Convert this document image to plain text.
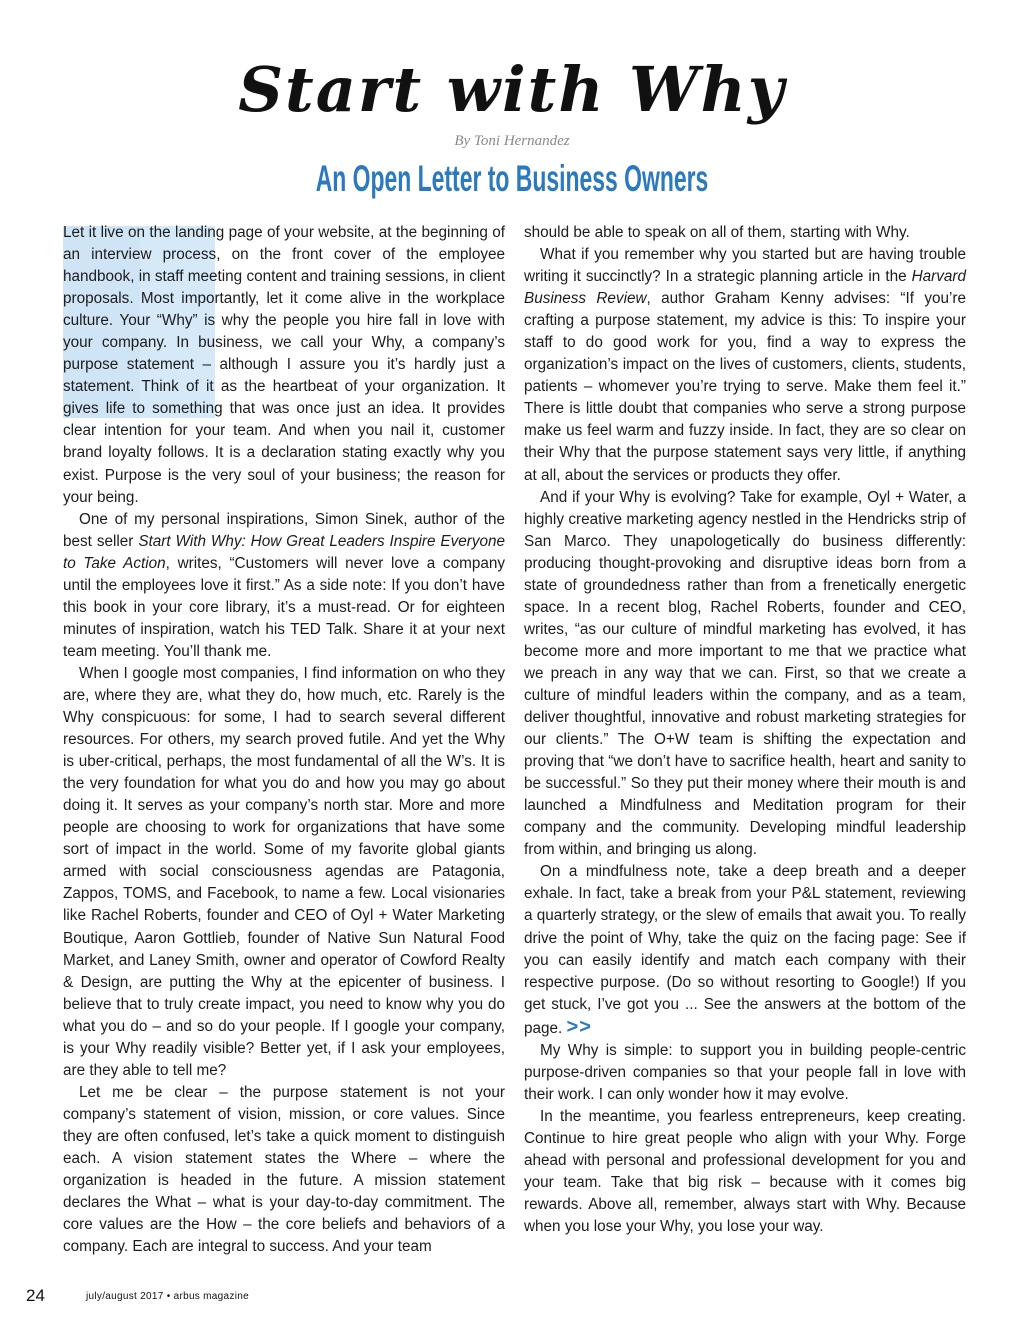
Start with Why
By Toni Hernandez
An Open Letter to Business Owners

Let it live on the landing page of your website, at the beginning of an interview process, on the front cover of the employee handbook, in staff meeting content and training sessions, in client proposals. Most importantly, let it come alive in the workplace culture. Your “Why” is why the people you hire fall in love with your company. In business, we call your Why, a company’s purpose statement – although I assure you it’s hardly just a statement. Think of it as the heartbeat of your organization. It gives life to something that was once just an idea. It provides clear intention for your team. And when you nail it, customer brand loyalty follows. It is a declaration stating exactly why you exist. Purpose is the very soul of your business; the reason for your being.

One of my personal inspirations, Simon Sinek, author of the best seller Start With Why: How Great Leaders Inspire Everyone to Take Action, writes, “Customers will never love a company until the employees love it first.” As a side note: If you don’t have this book in your core library, it’s a must-read. Or for eighteen minutes of inspiration, watch his TED Talk. Share it at your next team meeting. You’ll thank me.

When I google most companies, I find information on who they are, where they are, what they do, how much, etc. Rarely is the Why conspicuous: for some, I had to search several different resources. For others, my search proved futile. And yet the Why is uber-critical, perhaps, the most fundamental of all the W’s. It is the very foundation for what you do and how you may go about doing it. It serves as your company’s north star. More and more people are choosing to work for organizations that have some sort of impact in the world. Some of my favorite global giants armed with social consciousness agendas are Patagonia, Zappos, TOMS, and Facebook, to name a few. Local visionaries like Rachel Roberts, founder and CEO of Oyl + Water Marketing Boutique, Aaron Gottlieb, founder of Native Sun Natural Food Market, and Laney Smith, owner and operator of Cowford Realty & Design, are putting the Why at the epicenter of business. I believe that to truly create impact, you need to know why you do what you do – and so do your people. If I google your company, is your Why readily visible? Better yet, if I ask your employees, are they able to tell me?

Let me be clear – the purpose statement is not your company’s statement of vision, mission, or core values. Since they are often confused, let’s take a quick moment to distinguish each. A vision statement states the Where – where the organization is headed in the future. A mission statement declares the What – what is your day-to-day commitment. The core values are the How – the core beliefs and behaviors of a company. Each are integral to success. And your team

should be able to speak on all of them, starting with Why.

What if you remember why you started but are having trouble writing it succinctly? In a strategic planning article in the Harvard Business Review, author Graham Kenny advises: “If you’re crafting a purpose statement, my advice is this: To inspire your staff to do good work for you, find a way to express the organization’s impact on the lives of customers, clients, students, patients – whomever you’re trying to serve. Make them feel it.” There is little doubt that companies who serve a strong purpose make us feel warm and fuzzy inside. In fact, they are so clear on their Why that the purpose statement says very little, if anything at all, about the services or products they offer.

And if your Why is evolving? Take for example, Oyl + Water, a highly creative marketing agency nestled in the Hendricks strip of San Marco. They unapologetically do business differently: producing thought-provoking and disruptive ideas born from a state of groundedness rather than from a frenetically energetic space. In a recent blog, Rachel Roberts, founder and CEO, writes, “as our culture of mindful marketing has evolved, it has become more and more important to me that we practice what we preach in any way that we can. First, so that we create a culture of mindful leaders within the company, and as a team, deliver thoughtful, innovative and robust marketing strategies for our clients.” The O+W team is shifting the expectation and proving that “we don’t have to sacrifice health, heart and sanity to be successful.” So they put their money where their mouth is and launched a Mindfulness and Meditation program for their company and the community. Developing mindful leadership from within, and bringing us along.

On a mindfulness note, take a deep breath and a deeper exhale. In fact, take a break from your P&L statement, reviewing a quarterly strategy, or the slew of emails that await you. To really drive the point of Why, take the quiz on the facing page: See if you can easily identify and match each company with their respective purpose. (Do so without resorting to Google!) If you get stuck, I’ve got you ... See the answers at the bottom of the page. >>

My Why is simple: to support you in building people-centric purpose-driven companies so that your people fall in love with their work. I can only wonder how it may evolve.

In the meantime, you fearless entrepreneurs, keep creating. Continue to hire great people who align with your Why. Forge ahead with personal and professional development for you and your team. Take that big risk – because with it comes big rewards. Above all, remember, always start with Why. Because when you lose your Why, you lose your way.

24	july/august 2017 • arbus magazine
